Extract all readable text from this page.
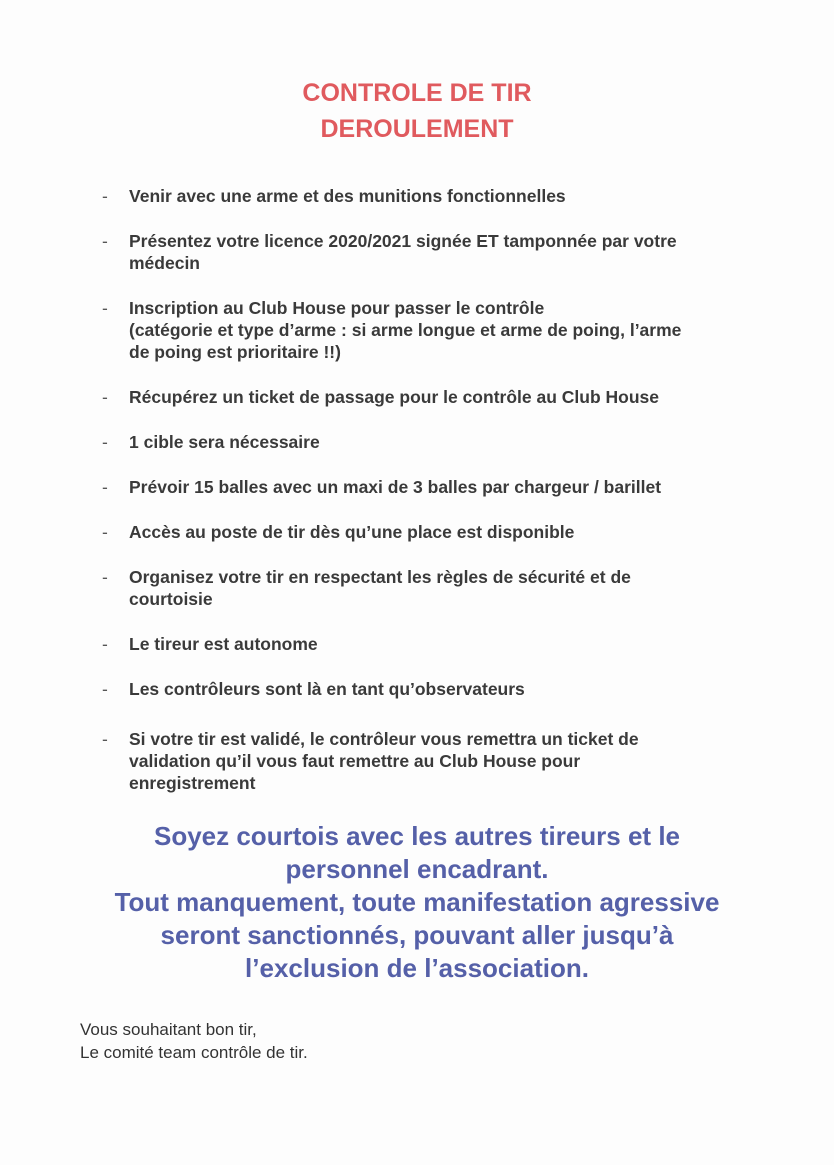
CONTROLE DE TIR
DEROULEMENT
- Venir avec une arme et des munitions fonctionnelles
- Présentez votre licence 2020/2021 signée ET tamponnée par votre
médecin
- Inscription au Club House pour passer le contrôle
(catégorie et type d’arme : si arme longue et arme de poing, l’arme
de poing est prioritaire !!)
- Récupérez un ticket de passage pour le contrôle au Club House
- 1 cible sera nécessaire
- Prévoir 15 balles avec un maxi de 3 balles par chargeur / barillet
- Accès au poste de tir dès qu’une place est disponible
- Organisez votre tir en respectant les règles de sécurité et de
courtoisie
- Le tireur est autonome
- Les contrôleurs sont là en tant qu’observateurs
- Si votre tir est validé, le contrôleur vous remettra un ticket de
validation qu’il vous faut remettre au Club House pour
enregistrement
Soyez courtois avec les autres tireurs et le
personnel encadrant.
Tout manquement, toute manifestation agressive
seront sanctionnés, pouvant aller jusqu’à
l’exclusion de l’association.
Vous souhaitant bon tir,
Le comité team contrôle de tir.
